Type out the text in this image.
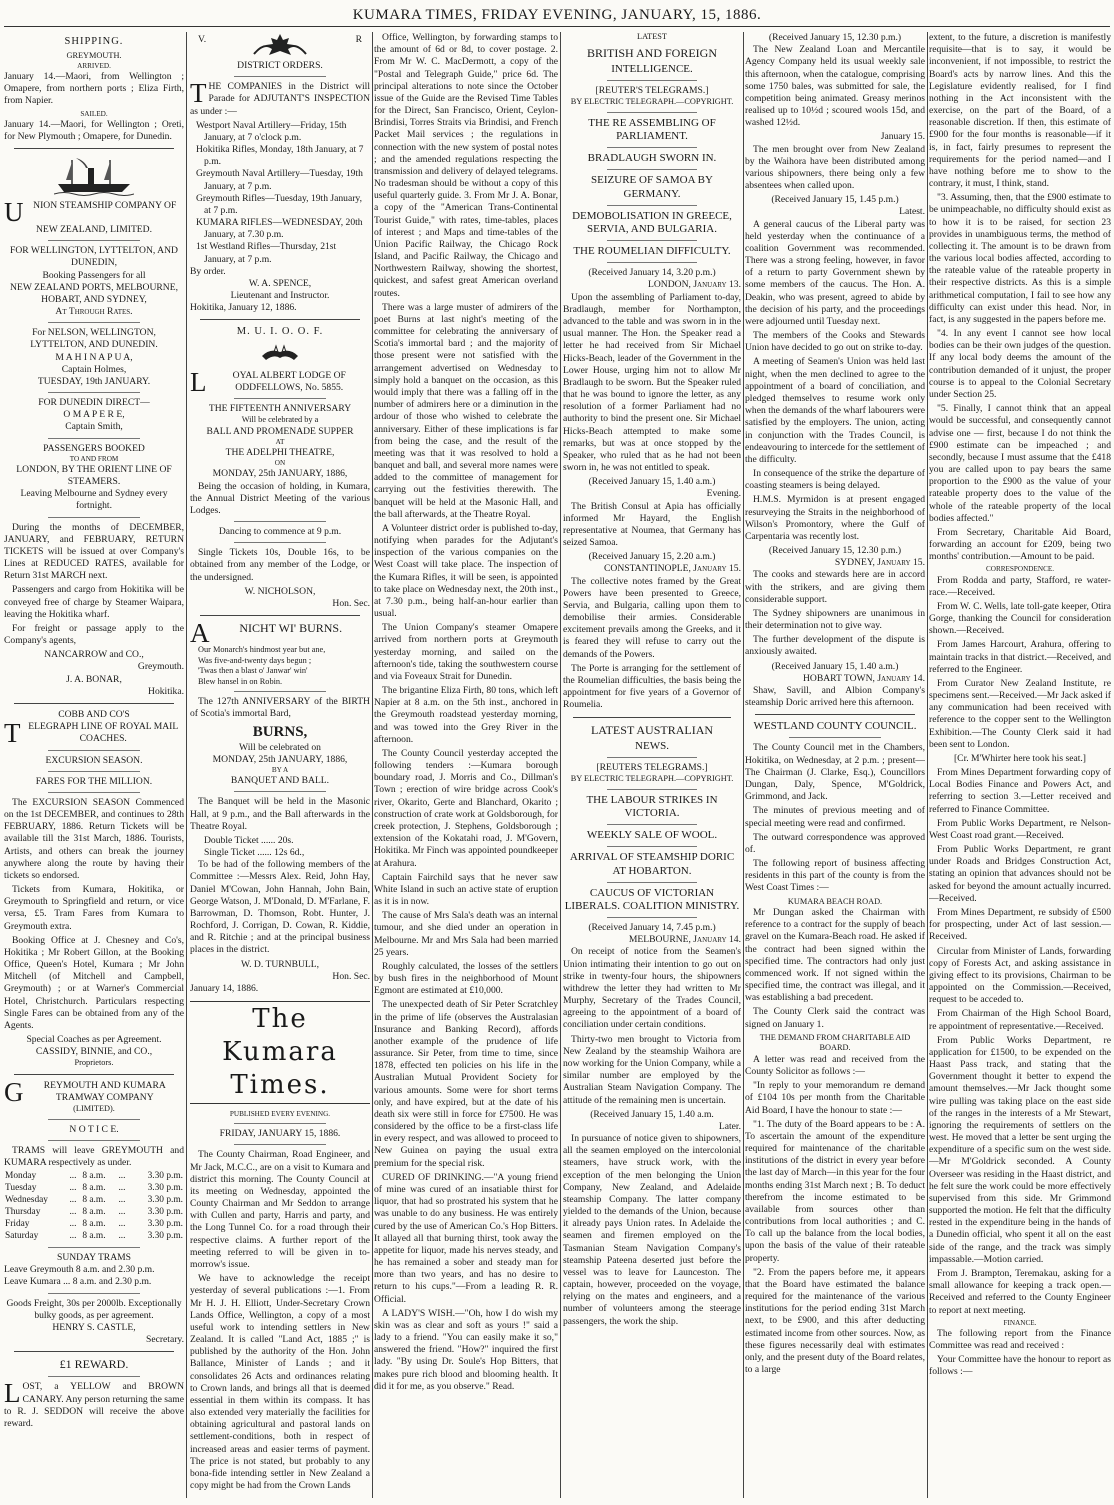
KUMARA TIMES, FRIDAY EVENING, JANUARY, 15, 1886.
SHIPPING.
GREYMOUTH.
ARRIVED.

January 14.—Maori, from Wellington ; Omapere, from northern ports ; Eliza Firth, from Napier.

SAILED.

January 14.—Maori, for Wellington ; Oreti, for New Plymouth ; Omapere, for Dunedin.

U	NION STEAMSHIP COMPANY OF
NEW ZEALAND, LIMITED.
FOR WELLINGTON, LYTTELTON, AND DUNEDIN,
Booking Passengers for all
NEW ZEALAND PORTS, MELBOURNE, HOBART, AND SYDNEY,
At Through Rates.
For NELSON, WELLINGTON, LYTTELTON, AND DUNEDIN.
M A H I N A P U A,
Captain Holmes,
TUESDAY, 19th JANUARY.
FOR DUNEDIN DIRECT—
O M A P E R E,
Captain Smith,
PASSENGERS BOOKED
TO AND FROM
LONDON, BY THE ORIENT LINE OF STEAMERS.
Leaving Melbourne and Sydney every fortnight.

During the months of DECEMBER, JANUARY, and FEBRUARY, RETURN TICKETS will be issued at over Company's Lines at REDUCED RATES, available for Return 31st MARCH next.

Passengers and cargo from Hokitika will be conveyed free of charge by Steamer Waipara, leaving the Hokitika wharf.

For freight or passage apply to the Company's agents,

NANCARROW and CO.,
Greymouth.
J. A. BONAR,
Hokitika.
COBB AND CO'S
T ELEGRAPH LINE OF ROYAL MAIL COACHES.
EXCURSION SEASON.
FARES FOR THE MILLION.

The EXCURSION SEASON Commenced on the 1st DECEMBER, and continues to 28th FEBRUARY, 1886. Return Tickets will be available till the 31st March, 1886. Tourists, Artists, and others can break the journey anywhere along the route by having their tickets so endorsed.

Tickets from Kumara, Hokitika, or Greymouth to Springfield and return, or vice versa, £5. Tram Fares from Kumara to Greymouth extra.

Booking Office at J. Chesney and Co's, Hokitika ; Mr Robert Gillon, at the Booking Office, Queen's Hotel, Kumara ; Mr John Mitchell (of Mitchell and Campbell, Greymouth) ; or at Warner's Commercial Hotel, Christchurch. Particulars respecting Single Fares can be obtained from any of the Agents.

Special Coaches as per Agreement.
CASSIDY, BINNIE, and CO.,
Proprietors.
G	REYMOUTH AND KUMARA TRAMWAY COMPANY
(LIMITED).
N O T I C E.

TRAMS will leave GREYMOUTH and KUMARA respectively as under.

Monday	...	8 a.m.	...	3.30 p.m.
Tuesday	...	8 a.m.	...	3.30 p.m.
Wednesday	...	8 a.m.	...	3.30 p.m.
Thursday	...	8 a.m.	...	3.30 p.m.
Friday	...	8 a.m.	...	3.30 p.m.
Saturday	...	8 a.m.	...	3.30 p.m.
SUNDAY TRAMS
Leave Greymouth 8 a.m. and 2.30 p.m.
Leave Kumara ... 8 a.m. and 2.30 p.m.
Goods Freight, 30s per 2000lb. Exceptionally bulky goods, as per agreement.
HENRY S. CASTLE,
Secretary.
£1 REWARD.
L OST, a YELLOW and BROWN CANARY. Any person returning the same to R. J. SEDDON will receive the above reward.

V.	R
DISTRICT ORDERS.
T HE COMPANIES in the District will Parade for ADJUTANT'S INSPECTION as under :—

Westport Naval Artillery—Friday, 15th January, at 7 o'clock p.m.
Hokitika Rifles, Monday, 18th January, at 7 p.m.
Greymouth Naval Artillery—Tuesday, 19th January, at 7 p.m.
Greymouth Rifles—Tuesday, 19th January, at 7 p.m.
KUMARA RIFLES—WEDNESDAY, 20th January, at 7.30 p.m.
1st Westland Rifles—Thursday, 21st January, at 7 p.m.
By order.
W. A. SPENCE,
Lieutenant and Instructor.
Hokitika, January 12, 1886.
M. U. I. O. O. F.
L	OYAL ALBERT LODGE OF ODDFELLOWS, No. 5855.
THE FIFTEENTH ANNIVERSARY
Will be celebrated by a
BALL AND PROMENADE SUPPER
AT
THE ADELPHI THEATRE,
ON
MONDAY, 25th JANUARY, 1886,

Being the occasion of holding, in Kumara, the Annual District Meeting of the various Lodges.

Dancing to commence at 9 p.m.

Single Tickets 10s, Double 16s, to be obtained from any member of the Lodge, or the undersigned.

W. NICHOLSON,
Hon. Sec.
A	NICHT WI' BURNS.
Our Monarch's hindmost year but ane,
Was five-and-twenty days begun ;
'Twas then a blast o' Janwar' win'
Blew hansel in on Robin.

The 127th ANNIVERSARY of the BIRTH of Scotia's immortal Bard,

BURNS,
Will be celebrated on
MONDAY, 25th JANUARY, 1886,
BY A
BANQUET AND BALL.

The Banquet will be held in the Masonic Hall, at 9 p.m., and the Ball afterwards in the Theatre Royal.

Double Ticket ...... 20s.
Single Ticket ...... 12s 6d.,

To be had of the following members of the Committee :—Messrs Alex. Reid, John Hay, Daniel M'Cowan, John Hannah, John Bain, George Watson, J. M'Donald, D. M'Farlane, F. Barrowman, D. Thomson, Robt. Hunter, J. Rochford, J. Corrigan, D. Cowan, R. Kiddie, and R. Ritchie ; and at the principal business places in the district.

W. D. TURNBULL,
Hon. Sec.
January 14, 1886.
The Kumara Times.
PUBLISHED EVERY EVENING.
FRIDAY, JANUARY 15, 1886.

The County Chairman, Road Engineer, and Mr Jack, M.C.C., are on a visit to Kumara and district this morning. The County Council at its meeting on Wednesday, appointed the County Chairman and Mr Seddon to arrange with Cullen and party, Harris and party, and the Long Tunnel Co. for a road through their respective claims. A further report of the meeting referred to will be given in to-morrow's issue.

We have to acknowledge the receipt yesterday of several publications :—1. From Mr H. J. H. Elliott, Under-Secretary Crown Lands Office, Wellington, a copy of a most useful work to intending settlers in New Zealand. It is called "Land Act, 1885 ;" is published by the authority of the Hon. John Ballance, Minister of Lands ; and it consolidates 26 Acts and ordinances relating to Crown lands, and brings all that is deemed essential in them within its compass. It has also extended very materially the facilities for obtaining agricultural and pastoral lands on settlement-conditions, both in respect of increased areas and easier terms of payment. The price is not stated, but probably to any bona-fide intending settler in New Zealand a copy might be had from the Crown Lands

Office, Wellington, by forwarding stamps to the amount of 6d or 8d, to cover postage. 2. From Mr W. C. MacDermott, a copy of the "Postal and Telegraph Guide," price 6d. The principal alterations to note since the October issue of the Guide are the Revised Time Tables for the Direct, San Francisco, Orient, Ceylon-Brindisi, Torres Straits via Brindisi, and French Packet Mail services ; the regulations in connection with the new system of postal notes ; and the amended regulations respecting the transmission and delivery of delayed telegrams. No tradesman should be without a copy of this useful quarterly guide. 3. From Mr J. A. Bonar, a copy of the "American Trans-Continental Tourist Guide," with rates, time-tables, places of interest ; and Maps and time-tables of the Union Pacific Railway, the Chicago Rock Island, and Pacific Railway, the Chicago and Northwestern Railway, showing the shortest, quickest, and safest great American overland routes.

There was a large muster of admirers of the poet Burns at last night's meeting of the committee for celebrating the anniversary of Scotia's immortal bard ; and the majority of those present were not satisfied with the arrangement advertised on Wednesday to simply hold a banquet on the occasion, as this would imply that there was a falling off in the number of admirers here or a diminution in the ardour of those who wished to celebrate the anniversary. Either of these implications is far from being the case, and the result of the meeting was that it was resolved to hold a banquet and ball, and several more names were added to the committee of management for carrying out the festivities therewith. The banquet will be held at the Masonic Hall, and the ball afterwards, at the Theatre Royal.

A Volunteer district order is published to-day, notifying when parades for the Adjutant's inspection of the various companies on the West Coast will take place. The inspection of the Kumara Rifles, it will be seen, is appointed to take place on Wednesday next, the 20th inst., at 7.30 p.m., being half-an-hour earlier than usual.

The Union Company's steamer Omapere arrived from northern ports at Greymouth yesterday morning, and sailed on the afternoon's tide, taking the southwestern course and via Foveaux Strait for Dunedin.

The brigantine Eliza Firth, 80 tons, which left Napier at 8 a.m. on the 5th inst., anchored in the Greymouth roadstead yesterday morning, and was towed into the Grey River in the afternoon.

The County Council yesterday accepted the following tenders :—Kumara borough boundary road, J. Morris and Co., Dillman's Town ; erection of wire bridge across Cook's river, Okarito, Gerte and Blanchard, Okarito ; construction of crate work at Goldsborough, for creek protection, J. Stephens, Goldsborough ; extension of the Kokatahi road, J. M'Govern, Hokitika. Mr Finch was appointed poundkeeper at Arahura.

Captain Fairchild says that he never saw White Island in such an active state of eruption as it is in now.

The cause of Mrs Sala's death was an internal tumour, and she died under an operation in Melbourne. Mr and Mrs Sala had been married 25 years.

Roughly calculated, the losses of the settlers by bush fires in the neighborhood of Mount Egmont are estimated at £10,000.

The unexpected death of Sir Peter Scratchley in the prime of life (observes the Australasian Insurance and Banking Record), affords another example of the prudence of life assurance. Sir Peter, from time to time, since 1878, effected ten policies on his life in the Australian Mutual Provident Society for various amounts. Some were for short terms only, and have expired, but at the date of his death six were still in force for £7500. He was considered by the office to be a first-class life in every respect, and was allowed to proceed to New Guinea on paying the usual extra premium for the special risk.

CURED OF DRINKING.—"A young friend of mine was cured of an insatiable thirst for liquor, that had so prostrated his system that he was unable to do any business. He was entirely cured by the use of American Co.'s Hop Bitters. It allayed all that burning thirst, took away the appetite for liquor, made his nerves steady, and he has remained a sober and steady man for more than two years, and has no desire to return to his cups."—From a leading R. R. Official.

A LADY'S WISH.—"Oh, how I do wish my skin was as clear and soft as yours !" said a lady to a friend. "You can easily make it so," answered the friend. "How?" inquired the first lady. "By using Dr. Soule's Hop Bitters, that makes pure rich blood and blooming health. It did it for me, as you observe." Read.

LATEST
BRITISH AND FOREIGN
INTELLIGENCE.
[REUTER'S TELEGRAMS.]
BY ELECTRIC TELEGRAPH.—COPYRIGHT.
THE RE ASSEMBLING OF PARLIAMENT.
BRADLAUGH SWORN IN.
SEIZURE OF SAMOA BY GERMANY.
DEMOBOLISATION IN GREECE, SERVIA, AND BULGARIA.
THE ROUMELIAN DIFFICULTY.
(Received January 14, 3.20 p.m.)
LONDON, January 13.

Upon the assembling of Parliament to-day, Bradlaugh, member for Northampton, advanced to the table and was sworn in in the usual manner. The Hon. the Speaker read a letter he had received from Sir Michael Hicks-Beach, leader of the Government in the Lower House, urging him not to allow Mr Bradlaugh to be sworn. But the Speaker ruled that he was bound to ignore the letter, as any resolution of a former Parliament had no authority to bind the present one. Sir Michael Hicks-Beach attempted to make some remarks, but was at once stopped by the Speaker, who ruled that as he had not been sworn in, he was not entitled to speak.

(Received January 15, 1.40 a.m.)
Evening.

The British Consul at Apia has officially informed Mr Hayard, the English representative at Noumea, that Germany has seized Samoa.

(Received January 15, 2.20 a.m.)
CONSTANTINOPLE, January 15.

The collective notes framed by the Great Powers have been presented to Greece, Servia, and Bulgaria, calling upon them to demobilise their armies. Considerable excitement prevails among the Greeks, and it is feared they will refuse to carry out the demands of the Powers.

The Porte is arranging for the settlement of the Roumelian difficulties, the basis being the appointment for five years of a Governor of Roumelia.

LATEST AUSTRALIAN
NEWS.
[REUTERS TELEGRAMS.]
BY ELECTRIC TELEGRAPH.—COPYRIGHT.
THE LABOUR STRIKES IN VICTORIA.
WEEKLY SALE OF WOOL.
ARRIVAL OF STEAMSHIP DORIC AT HOBARTON.
CAUCUS OF VICTORIAN LIBERALS. COALITION MINISTRY.
(Received January 14, 7.45 p.m.)
MELBOURNE, January 14.

On receipt of notice from the Seamen's Union intimating their intention to go out on strike in twenty-four hours, the shipowners withdrew the letter they had written to Mr Murphy, Secretary of the Trades Council, agreeing to the appointment of a board of conciliation under certain conditions.

Thirty-two men brought to Victoria from New Zealand by the steamship Waihora are now working for the Union Company, while a similar number are employed by the Australian Steam Navigation Company. The attitude of the remaining men is uncertain.

(Received January 15, 1.40 a.m.
Later.

In pursuance of notice given to shipowners, all the seamen employed on the intercolonial steamers, have struck work, with the exception of the men belonging the Union Company, New Zealand, and Adelaide steamship Company. The latter company yielded to the demands of the Union, because it already pays Union rates. In Adelaide the seamen and firemen employed on the Tasmanian Steam Navigation Company's steamship Pateena deserted just before the vessel was to leave for Launceston. The captain, however, proceeded on the voyage, relying on the mates and engineers, and a number of volunteers among the steerage passengers, the work the ship.

(Received January 15, 12.30 p.m.)

The New Zealand Loan and Mercantile Agency Company held its usual weekly sale this afternoon, when the catalogue, comprising some 1750 bales, was submitted for sale, the competition being animated. Greasy merinos realised up to 10½d ; scoured wools 15d, and washed 12½d.

January 15.

The men brought over from New Zealand by the Waihora have been distributed among various shipowners, there being only a few absentees when called upon.

(Received January 15, 1.45 p.m.)
Latest.

A general caucus of the Liberal party was held yesterday when the continuance of a coalition Government was recommended. There was a strong feeling, however, in favor of a return to party Government shewn by some members of the caucus. The Hon. A. Deakin, who was present, agreed to abide by the decision of his party, and the proceedings were adjourned until Tuesday next.

The members of the Cooks and Stewards Union have decided to go out on strike to-day.

A meeting of Seamen's Union was held last night, when the men declined to agree to the appointment of a board of conciliation, and pledged themselves to resume work only when the demands of the wharf labourers were satisfied by the employers. The union, acting in conjunction with the Trades Council, is endeavouring to intercede for the settlement of the difficulty.

In consequence of the strike the departure of coasting steamers is being delayed.

H.M.S. Myrmidon is at present engaged resurveying the Straits in the neighborhood of Wilson's Promontory, where the Gulf of Carpentaria was recently lost.

(Received January 15, 12.30 p.m.)
SYDNEY, January 15.

The cooks and stewards here are in accord with the strikers, and are giving them considerable support.

The Sydney shipowners are unanimous in their determination not to give way.

The further development of the dispute is anxiously awaited.

(Received January 15, 1.40 a.m.)
HOBART TOWN, January 14.

Shaw, Savill, and Albion Company's steamship Doric arrived here this afternoon.

WESTLAND COUNTY COUNCIL.

The County Council met in the Chambers, Hokitika, on Wednesday, at 2 p.m. ; present—The Chairman (J. Clarke, Esq.), Councillors Dungan, Daly, Spence, M'Goldrick, Grimmond, and Jack.

The minutes of previous meeting and of special meeting were read and confirmed.

The outward correspondence was approved of.

The following report of business affecting residents in this part of the county is from the West Coast Times :—

KUMARA BEACH ROAD.

Mr Dungan asked the Chairman with reference to a contract for the supply of beach gravel on the Kumara-Beach road. He asked if the contract had been signed within the specified time. The contractors had only just commenced work. If not signed within the specified time, the contract was illegal, and it was establishing a bad precedent.

The County Clerk said the contract was signed on January 1.

THE DEMAND FROM CHARITABLE AID BOARD.

A letter was read and received from the County Solicitor as follows :—

"In reply to your memorandum re demand of £104 10s per month from the Charitable Aid Board, I have the honour to state :—

"1. The duty of the Board appears to be : A. To ascertain the amount of the expenditure required for maintenance of the charitable institutions of the district in every year before the last day of March—in this year for the four months ending 31st March next ; B. To deduct therefrom the income estimated to be available from sources other than contributions from local authorities ; and C. To call up the balance from the local bodies, upon the basis of the value of their rateable property.

"2. From the papers before me, it appears that the Board have estimated the balance required for the maintenance of the various institutions for the period ending 31st March next, to be £900, and this after deducting estimated income from other sources. Now, as these figures necessarily deal with estimates only, and the present duty of the Board relates, to a large

extent, to the future, a discretion is manifestly requisite—that is to say, it would be inconvenient, if not impossible, to restrict the Board's acts by narrow lines. And this the Legislature evidently realised, for I find nothing in the Act inconsistent with the exercise, on the part of the Board, of a reasonable discretion. If then, this estimate of £900 for the four months is reasonable—if it is, in fact, fairly presumes to represent the requirements for the period named—and I have nothing before me to show to the contrary, it must, I think, stand.

"3. Assuming, then, that the £900 estimate to be unimpeachable, no difficulty should exist as to how it is to be raised, for section 23 provides in unambiguous terms, the method of collecting it. The amount is to be drawn from the various local bodies affected, according to the rateable value of the rateable property in their respective districts. As this is a simple arithmetical computation, I fail to see how any difficulty can exist under this head. Nor, in fact, is any suggested in the papers before me.

"4. In any event I cannot see how local bodies can be their own judges of the question. If any local body deems the amount of the contribution demanded of it unjust, the proper course is to appeal to the Colonial Secretary under Section 25.

"5. Finally, I cannot think that an appeal would be successful, and consequently cannot advise one — first, because I do not think the £900 estimate can be impeached ; and secondly, because I must assume that the £418 you are called upon to pay bears the same proportion to the £900 as the value of your rateable property does to the value of the whole of the rateable property of the local bodies affected."

From Secretary, Charitable Aid Board, forwarding an account for £209, being two months' contribution.—Amount to be paid.

CORRESPONDENCE.

From Rodda and party, Stafford, re water-race.—Received.

From W. C. Wells, late toll-gate keeper, Otira Gorge, thanking the Council for consideration shown.—Received.

From James Harcourt, Arahura, offering to maintain tracks in that district.—Received, and referred to the Engineer.

From Curator New Zealand Institute, re specimens sent.—Received.—Mr Jack asked if any communication had been received with reference to the copper sent to the Wellington Exhibition.—The County Clerk said it had been sent to London.

[Cr. M'Whirter here took his seat.]

From Mines Department forwarding copy of Local Bodies Finance and Powers Act, and referring to section 3.—Letter received and referred to Finance Committee.

From Public Works Department, re Nelson-West Coast road grant.—Received.

From Public Works Department, re grant under Roads and Bridges Construction Act, stating an opinion that advances should not be asked for beyond the amount actually incurred.—Received.

From Mines Department, re subsidy of £500 for prospecting, under Act of last session.—Received.

Circular from Minister of Lands, forwarding copy of Forests Act, and asking assistance in giving effect to its provisions, Chairman to be appointed on the Commission.—Received, request to be acceded to.

From Chairman of the High School Board, re appointment of representative.—Received.

From Public Works Department, re application for £1500, to be expended on the Haast Pass track, and stating that the Government thought it better to expend the amount themselves.—Mr Jack thought some wire pulling was taking place on the east side of the ranges in the interests of a Mr Stewart, ignoring the requirements of settlers on the west. He moved that a letter be sent urging the expenditure of a specific sum on the west side.—Mr M'Goldrick seconded. A County Overseer was residing in the Haast district, and he felt sure the work could be more effectively supervised from this side. Mr Grimmond supported the motion. He felt that the difficulty rested in the expenditure being in the hands of a Dunedin official, who spent it all on the east side of the range, and the track was simply impassable.—Motion carried.

From J. Brampton, Teremakau, asking for a small allowance for keeping a track open.—Received and referred to the County Engineer to report at next meeting.

FINANCE.

The following report from the Finance Committee was read and received :

Your Committee have the honour to report as follows :—
